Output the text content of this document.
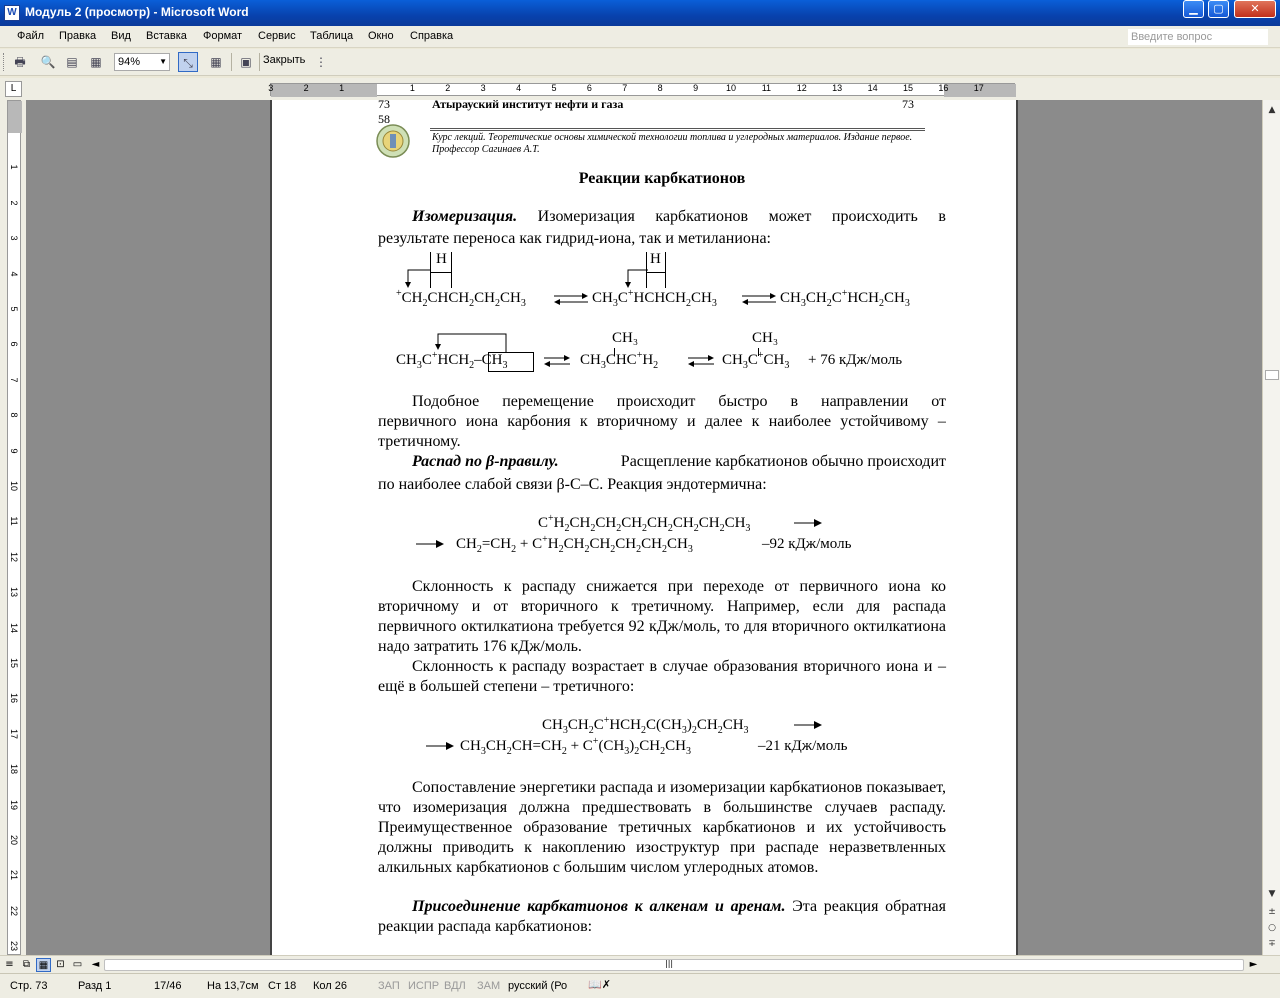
W Модуль 2 (просмотр) - Microsoft Word	▁	▢	✕
Файл Правка Вид Вставка Формат Сервис Таблица Окно Справка	Введите вопрос
🖶	🔍 ▤	▦	94% ▼	⤡	▦	▣	Закрыть ⋮
L	3	2	1	1	2	3	4	5	6	7	8	9	10	11	12	13	14	15	16	17
1
2
3
4
5
6
7
8
9
10
11
12
13
14
15
16
17
18
19
20
21
22
23
73
58
73
Атырауский институт нефти и газа
Курс лекций. Теоретические основы химической технологии топлива и углеродных материалов. Издание первое.
Профессор Сагинаев А.Т.
Реакции карбкатионов
Изомеризация. Изомеризация карбкатионов может происходить в
результате переноса как гидрид-иона, так и метиланиона:
H
$^+CH_2CHCH_2CH_2CH_3$
H
$CH_3C^+HCHCH_2CH_3$ ⇌ $CH_3CH_2C^+HCH_2CH_3$
$CH_3C^+HCH_2-CH_3$
CH₃
$CH_3CHC^+H_2$
CH₃
$CH_3C^+CH_3 + 76$ кДж/моль
Подобное перемещение происходит быстро в направлении от
первичного иона карбония к вторичному и далее к наиболее устойчивому –
третичному.
Распад по β-правилу.	Расщепление карбкатионов обычно происходит
по наиболее слабой связи β-С–С. Реакция эндотермична:
$C^+H_2CH_2CH_2CH_2CH_2CH_2CH_2CH_3$
$CH_2=CH_2 + C^+H_2CH_2CH_2CH_2CH_2CH_3$	–92 кДж/моль
Склонность к распаду снижается при переходе от первичного иона ко вторичному и от вторичного к третичному. Например, если для распада первичного октилкатиона требуется 92 кДж/моль, то для вторичного октилкатиона надо затратить 176 кДж/моль.
Склонность к распаду возрастает в случае образования вторичного иона и – ещё в большей степени – третичного:
$CH_3CH_2C^+HCH_2C(CH_3)_2CH_2CH_3$
$CH_3CH_2CH=CH_2 + C^+(CH_3)_2CH_2CH_3$	–21 кДж/моль
Сопоставление энергетики распада и изомеризации карбкатионов показывает, что изомеризация должна предшествовать в большинстве случаев распаду. Преимущественное образование третичных карбкатионов и их устойчивость должны приводить к накоплению изоструктур при распаде неразветвленных алкильных карбкатионов с большим числом углеродных атомов.
Присоединение карбкатионов к алкенам и аренам. Эта реакция обратная реакции распада карбкатионов:
▲
▼
±
○
∓
≡ ⧉ ▦ ⊡ ▭ ◄	|||	►
Стр. 73	Разд 1	17/46 На 13,7см Ст 18 Кол 26	ЗАП ИСПР ВДЛ ЗАМ русский (Ро 📖✗
